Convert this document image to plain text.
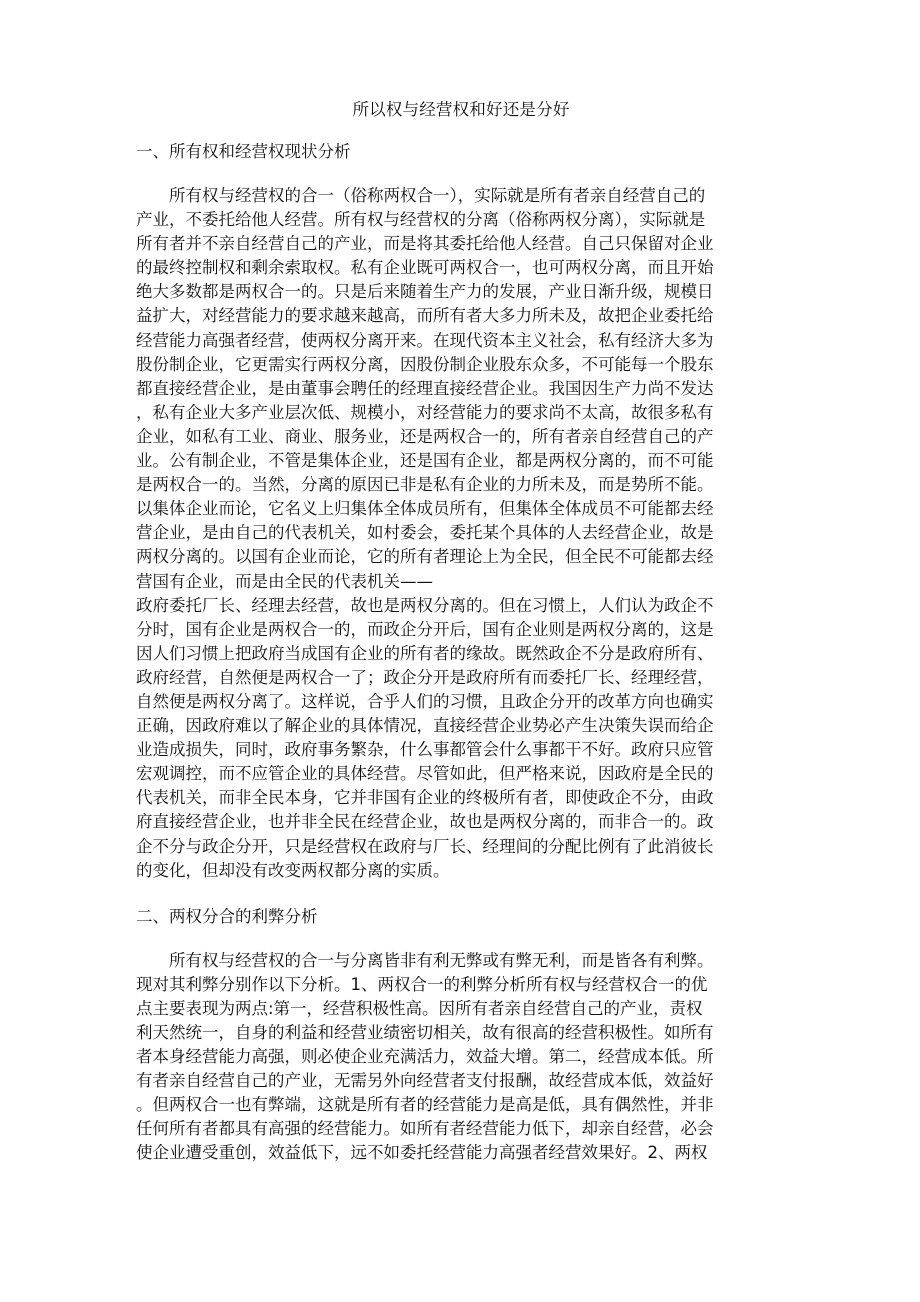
所以权与经营权和好还是分好
一、所有权和经营权现状分析
　　所有权与经营权的合一（俗称两权合一），实际就是所有者亲自经营自己的
产业，不委托给他人经营。所有权与经营权的分离（俗称两权分离），实际就是
所有者并不亲自经营自己的产业，而是将其委托给他人经营。自己只保留对企业
的最终控制权和剩余索取权。私有企业既可两权合一，也可两权分离，而且开始
绝大多数都是两权合一的。只是后来随着生产力的发展，产业日渐升级，规模日
益扩大，对经营能力的要求越来越高，而所有者大多力所未及，故把企业委托给
经营能力高强者经营，使两权分离开来。在现代资本主义社会，私有经济大多为
股份制企业，它更需实行两权分离，因股份制企业股东众多，不可能每一个股东
都直接经营企业，是由董事会聘任的经理直接经营企业。我国因生产力尚不发达
，私有企业大多产业层次低、规模小，对经营能力的要求尚不太高，故很多私有
企业，如私有工业、商业、服务业，还是两权合一的，所有者亲自经营自己的产
业。公有制企业，不管是集体企业，还是国有企业，都是两权分离的，而不可能
是两权合一的。当然，分离的原因已非是私有企业的力所未及，而是势所不能。
以集体企业而论，它名义上归集体全体成员所有，但集体全体成员不可能都去经
营企业，是由自己的代表机关，如村委会，委托某个具体的人去经营企业，故是
两权分离的。以国有企业而论，它的所有者理论上为全民，但全民不可能都去经
营国有企业，而是由全民的代表机关——
政府委托厂长、经理去经营，故也是两权分离的。但在习惯上，人们认为政企不
分时，国有企业是两权合一的，而政企分开后，国有企业则是两权分离的，这是
因人们习惯上把政府当成国有企业的所有者的缘故。既然政企不分是政府所有、
政府经营，自然便是两权合一了；政企分开是政府所有而委托厂长、经理经营，
自然便是两权分离了。这样说，合乎人们的习惯，且政企分开的改革方向也确实
正确，因政府难以了解企业的具体情况，直接经营企业势必产生决策失误而给企
业造成损失，同时，政府事务繁杂，什么事都管会什么事都干不好。政府只应管
宏观调控，而不应管企业的具体经营。尽管如此，但严格来说，因政府是全民的
代表机关，而非全民本身，它并非国有企业的终极所有者，即使政企不分，由政
府直接经营企业，也并非全民在经营企业，故也是两权分离的，而非合一的。政
企不分与政企分开，只是经营权在政府与厂长、经理间的分配比例有了此消彼长
的变化，但却没有改变两权都分离的实质。
二、两权分合的利弊分析
　　所有权与经营权的合一与分离皆非有利无弊或有弊无利，而是皆各有利弊。
现对其利弊分别作以下分析。1、两权合一的利弊分析所有权与经营权合一的优
点主要表现为两点:第一，经营积极性高。因所有者亲自经营自己的产业，责权
利天然统一，自身的利益和经营业绩密切相关，故有很高的经营积极性。如所有
者本身经营能力高强，则必使企业充满活力，效益大增。第二，经营成本低。所
有者亲自经营自己的产业，无需另外向经营者支付报酬，故经营成本低，效益好
。但两权合一也有弊端，这就是所有者的经营能力是高是低，具有偶然性，并非
任何所有者都具有高强的经营能力。如所有者经营能力低下，却亲自经营，必会
使企业遭受重创，效益低下，远不如委托经营能力高强者经营效果好。2、两权
